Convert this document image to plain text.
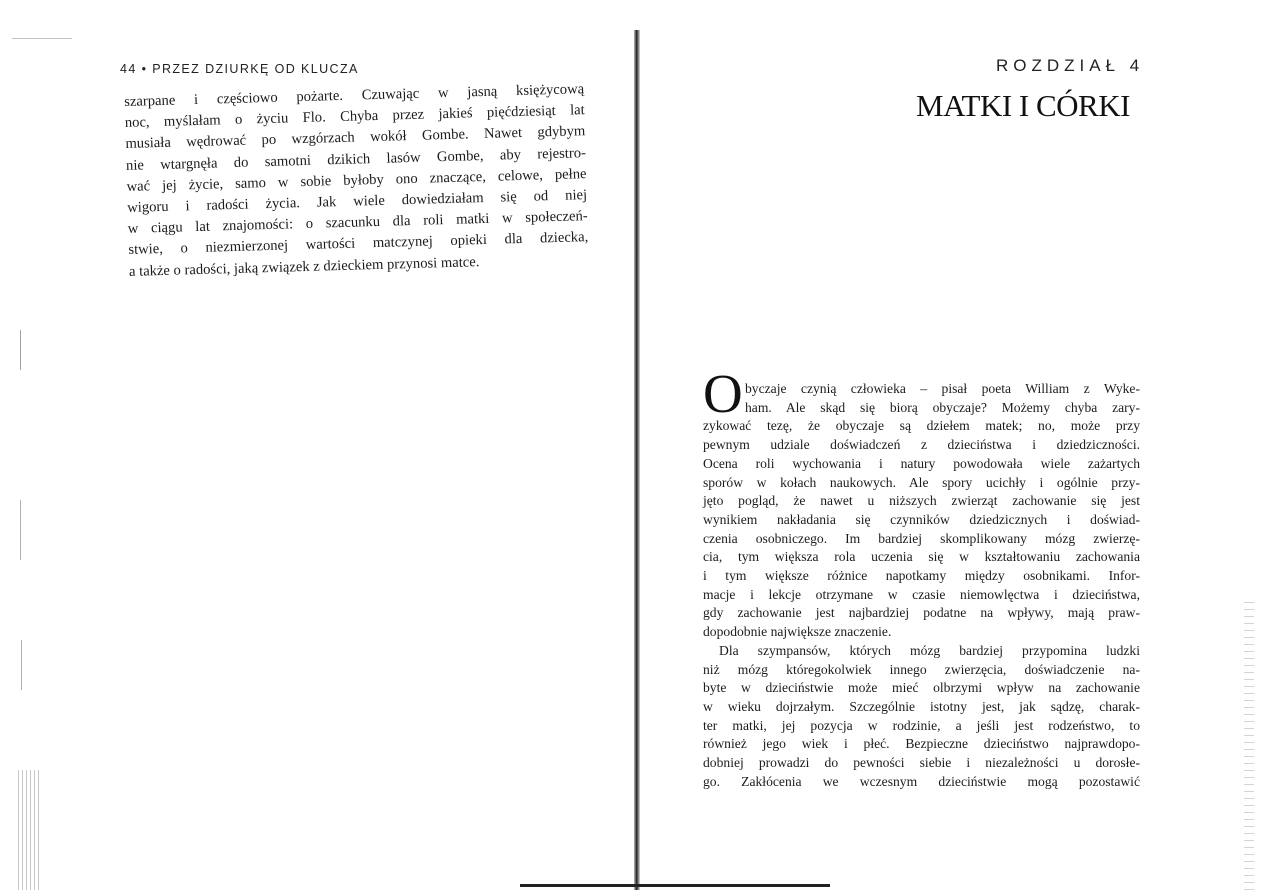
44 • PRZEZ DZIURKĘ OD KLUCZA
szarpane i częściowo pożarte. Czuwając w jasną księżycową
noc, myślałam o życiu Flo. Chyba przez jakieś pięćdziesiąt lat
musiała wędrować po wzgórzach wokół Gombe. Nawet gdybym
nie wtargnęła do samotni dzikich lasów Gombe, aby rejestro-
wać jej życie, samo w sobie byłoby ono znaczące, celowe, pełne
wigoru i radości życia. Jak wiele dowiedziałam się od niej
w ciągu lat znajomości: o szacunku dla roli matki w społeczeń-
stwie, o niezmierzonej wartości matczynej opieki dla dziecka,
a także o radości, jaką związek z dzieckiem przynosi matce.
ROZDZIAŁ 4
MATKI I CÓRKI
O byczaje czynią człowieka – pisał poeta William z Wyke-
ham. Ale skąd się biorą obyczaje? Możemy chyba zary-
zykować tezę, że obyczaje są dziełem matek; no, może przy
pewnym udziale doświadczeń z dzieciństwa i dziedziczności.
Ocena roli wychowania i natury powodowała wiele zażartych
sporów w kołach naukowych. Ale spory ucichły i ogólnie przy-
jęto pogląd, że nawet u niższych zwierząt zachowanie się jest
wynikiem nakładania się czynników dziedzicznych i doświad-
czenia osobniczego. Im bardziej skomplikowany mózg zwierzę-
cia, tym większa rola uczenia się w kształtowaniu zachowania
i tym większe różnice napotkamy między osobnikami. Infor-
macje i lekcje otrzymane w czasie niemowlęctwa i dzieciństwa,
gdy zachowanie jest najbardziej podatne na wpływy, mają praw-
dopodobnie największe znaczenie.
Dla szympansów, których mózg bardziej przypomina ludzki
niż mózg któregokolwiek innego zwierzęcia, doświadczenie na-
byte w dzieciństwie może mieć olbrzymi wpływ na zachowanie
w wieku dojrzałym. Szczególnie istotny jest, jak sądzę, charak-
ter matki, jej pozycja w rodzinie, a jeśli jest rodzeństwo, to
również jego wiek i płeć. Bezpieczne dzieciństwo najprawdopo-
dobniej prowadzi do pewności siebie i niezależności u dorosłe-
go. Zakłócenia we wczesnym dzieciństwie mogą pozostawić
